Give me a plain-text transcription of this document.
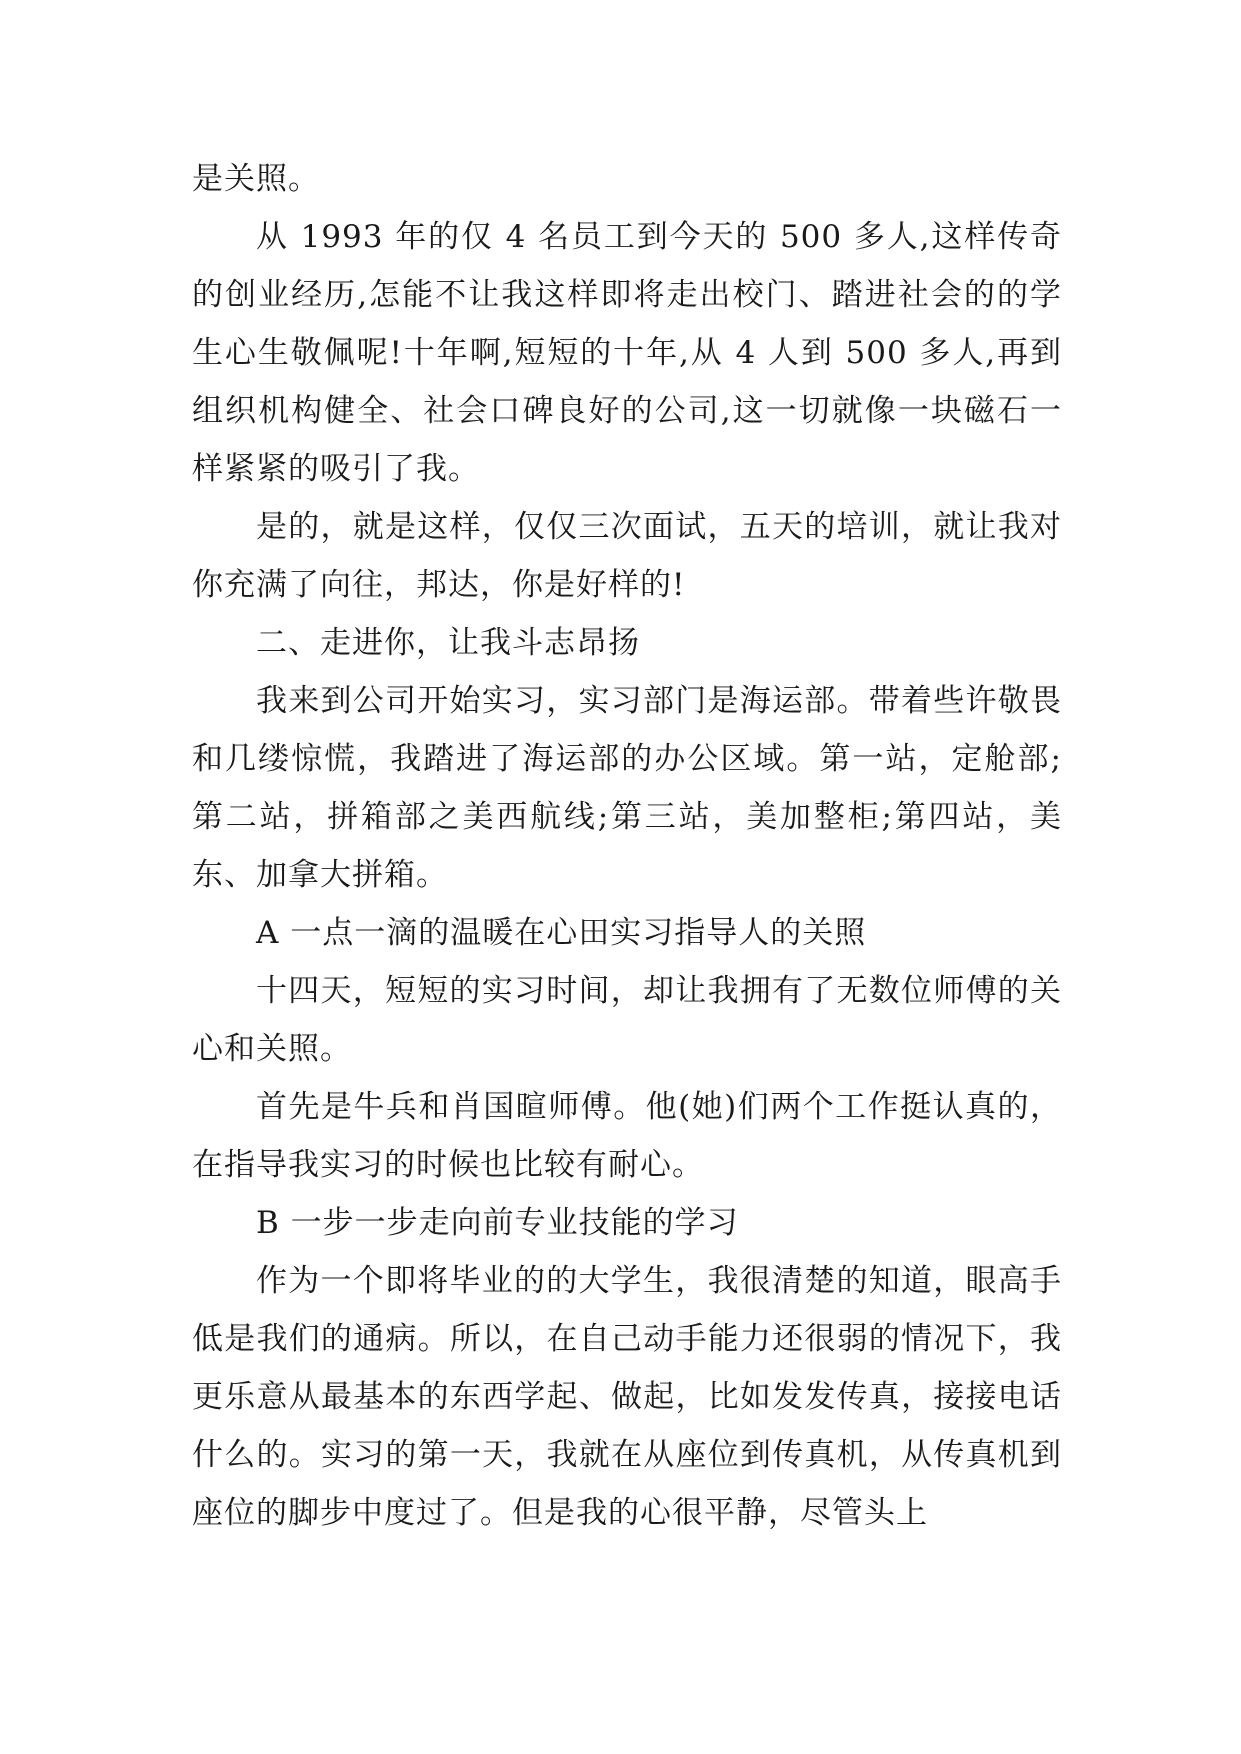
是关照。

从 1993 年的仅 4 名员工到今天的 500 多人,这样传奇的创业经历,怎能不让我这样即将走出校门、踏进社会的的学生心生敬佩呢!十年啊,短短的十年,从 4 人到 500 多人,再到组织机构健全、社会口碑良好的公司,这一切就像一块磁石一样紧紧的吸引了我。

是的，就是这样，仅仅三次面试，五天的培训，就让我对你充满了向往，邦达，你是好样的!

二、走进你，让我斗志昂扬

我来到公司开始实习，实习部门是海运部。带着些许敬畏和几缕惊慌，我踏进了海运部的办公区域。第一站，定舱部;第二站，拼箱部之美西航线;第三站，美加整柜;第四站，美东、加拿大拼箱。

A 一点一滴的温暖在心田实习指导人的关照

十四天，短短的实习时间，却让我拥有了无数位师傅的关心和关照。

首先是牛兵和肖国暄师傅。他(她)们两个工作挺认真的，在指导我实习的时候也比较有耐心。

B 一步一步走向前专业技能的学习

作为一个即将毕业的的大学生，我很清楚的知道，眼高手低是我们的通病。所以，在自己动手能力还很弱的情况下，我更乐意从最基本的东西学起、做起，比如发发传真，接接电话什么的。实习的第一天，我就在从座位到传真机，从传真机到座位的脚步中度过了。但是我的心很平静，尽管头上
